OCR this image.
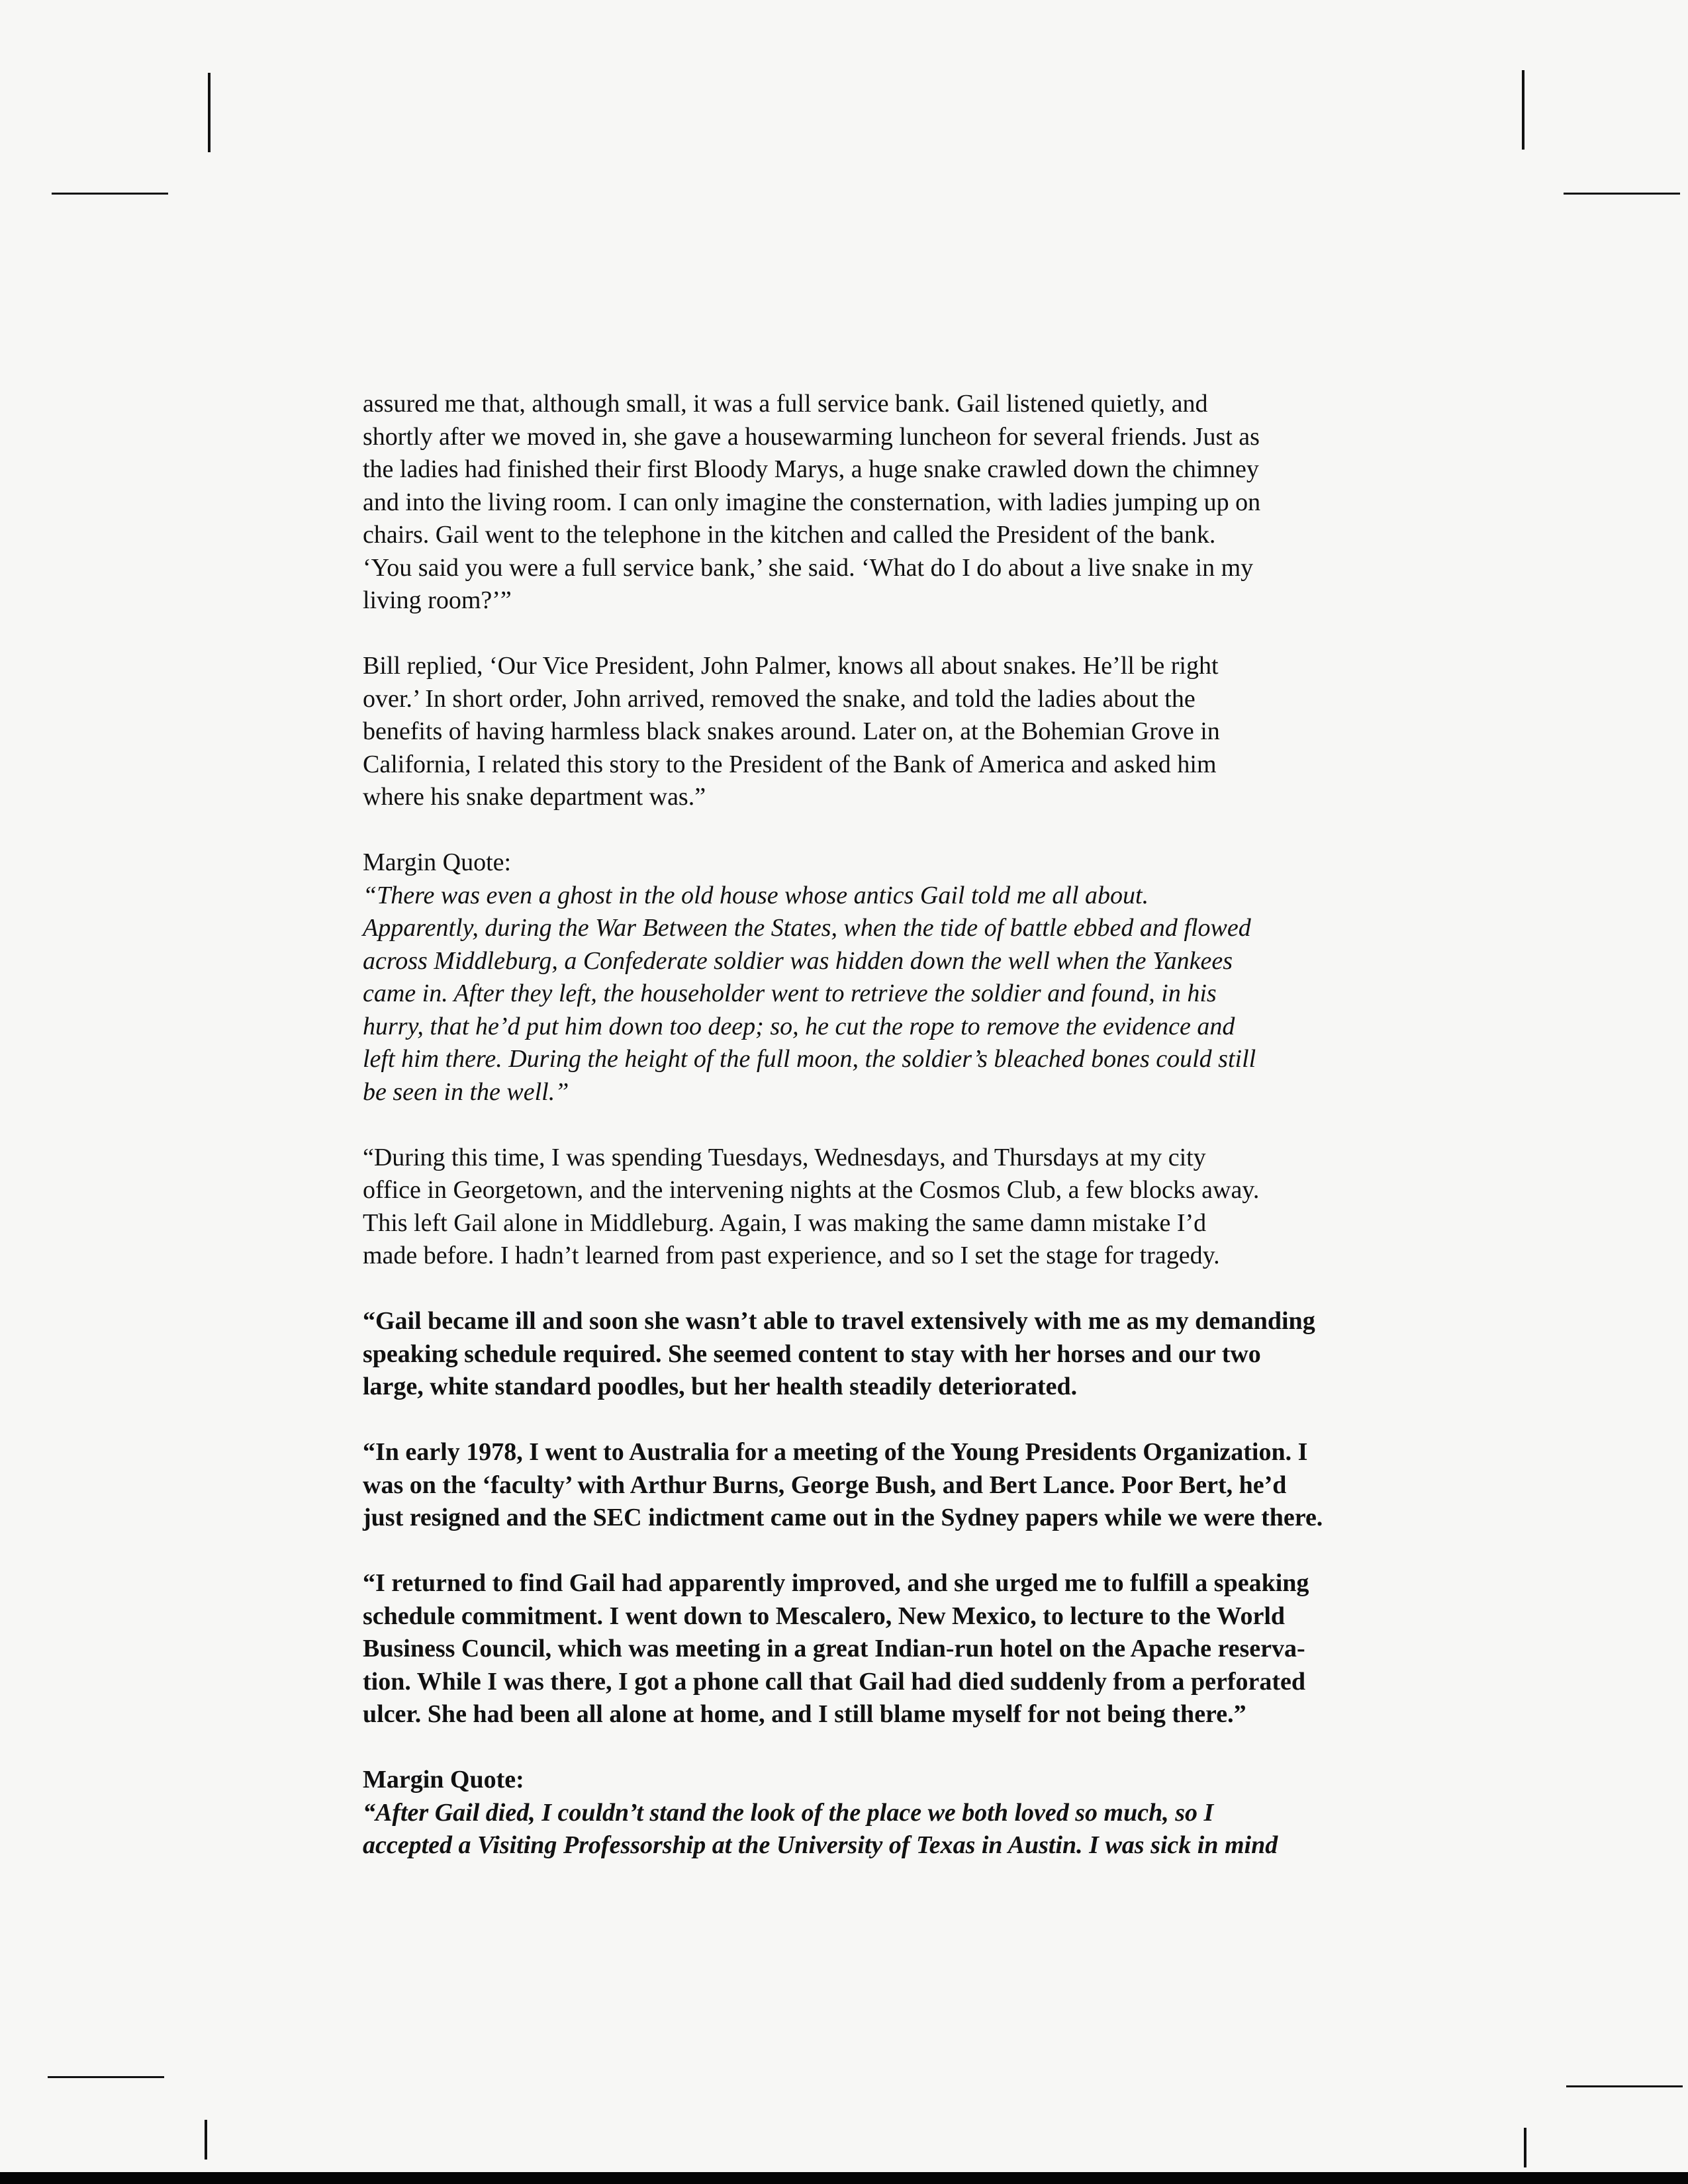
assured me that, although small, it was a full service bank. Gail listened quietly, and
shortly after we moved in, she gave a housewarming luncheon for several friends. Just as
the ladies had finished their first Bloody Marys, a huge snake crawled down the chimney
and into the living room. I can only imagine the consternation, with ladies jumping up on
chairs. Gail went to the telephone in the kitchen and called the President of the bank.
‘You said you were a full service bank,’ she said. ‘What do I do about a live snake in my
living room?’”

Bill replied, ‘Our Vice President, John Palmer, knows all about snakes. He’ll be right
over.’ In short order, John arrived, removed the snake, and told the ladies about the
benefits of having harmless black snakes around. Later on, at the Bohemian Grove in
California, I related this story to the President of the Bank of America and asked him
where his snake department was.”

Margin Quote:

“There was even a ghost in the old house whose antics Gail told me all about.
Apparently, during the War Between the States, when the tide of battle ebbed and flowed
across Middleburg, a Confederate soldier was hidden down the well when the Yankees
came in. After they left, the householder went to retrieve the soldier and found, in his
hurry, that he’d put him down too deep; so, he cut the rope to remove the evidence and
left him there. During the height of the full moon, the soldier’s bleached bones could still
be seen in the well.”

“During this time, I was spending Tuesdays, Wednesdays, and Thursdays at my city
office in Georgetown, and the intervening nights at the Cosmos Club, a few blocks away.
This left Gail alone in Middleburg. Again, I was making the same damn mistake I’d
made before. I hadn’t learned from past experience, and so I set the stage for tragedy.

“Gail became ill and soon she wasn’t able to travel extensively with me as my demanding
speaking schedule required. She seemed content to stay with her horses and our two
large, white standard poodles, but her health steadily deteriorated.

“In early 1978, I went to Australia for a meeting of the Young Presidents Organization. I
was on the ‘faculty’ with Arthur Burns, George Bush, and Bert Lance. Poor Bert, he’d
just resigned and the SEC indictment came out in the Sydney papers while we were there.

“I returned to find Gail had apparently improved, and she urged me to fulfill a speaking
schedule commitment. I went down to Mescalero, New Mexico, to lecture to the World
Business Council, which was meeting in a great Indian-run hotel on the Apache reserva-
tion. While I was there, I got a phone call that Gail had died suddenly from a perforated
ulcer. She had been all alone at home, and I still blame myself for not being there.”

Margin Quote:

“After Gail died, I couldn’t stand the look of the place we both loved so much, so I
accepted a Visiting Professorship at the University of Texas in Austin. I was sick in mind
